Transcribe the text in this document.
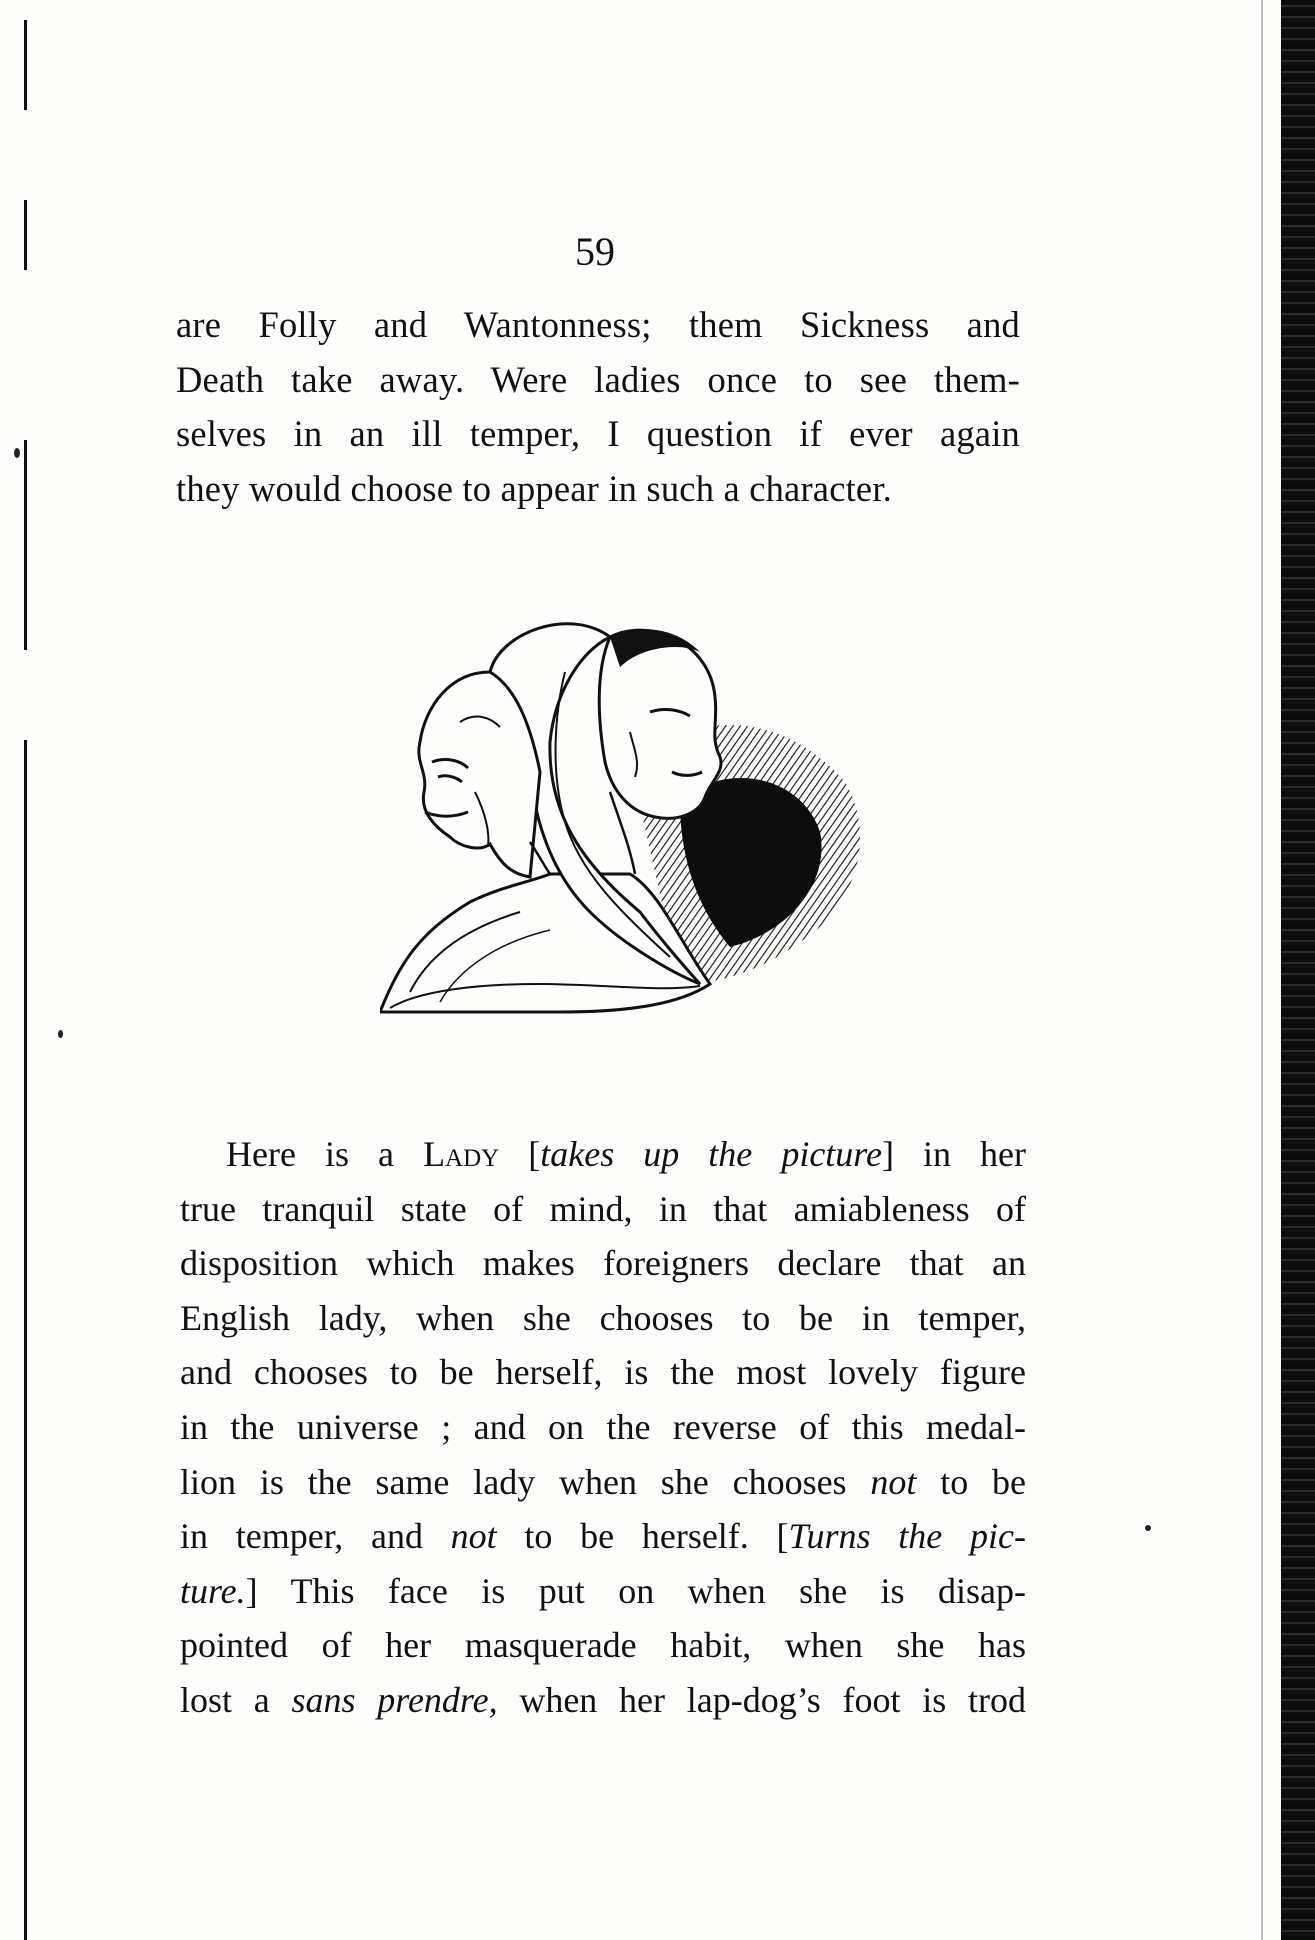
59
are Folly and Wantonness; them Sickness and
Death take away. Were ladies once to see them-
selves in an ill temper, I question if ever again
they would choose to appear in such a character.
Here is a Lady [takes up the picture] in her
true tranquil state of mind, in that amiableness of
disposition which makes foreigners declare that an
English lady, when she chooses to be in temper,
and chooses to be herself, is the most lovely figure
in the universe ; and on the reverse of this medal-
lion is the same lady when she chooses not to be
in temper, and not to be herself. [Turns the pic-
ture.] This face is put on when she is disap-
pointed of her masquerade habit, when she has
lost a sans prendre, when her lap-dog’s foot is trod
